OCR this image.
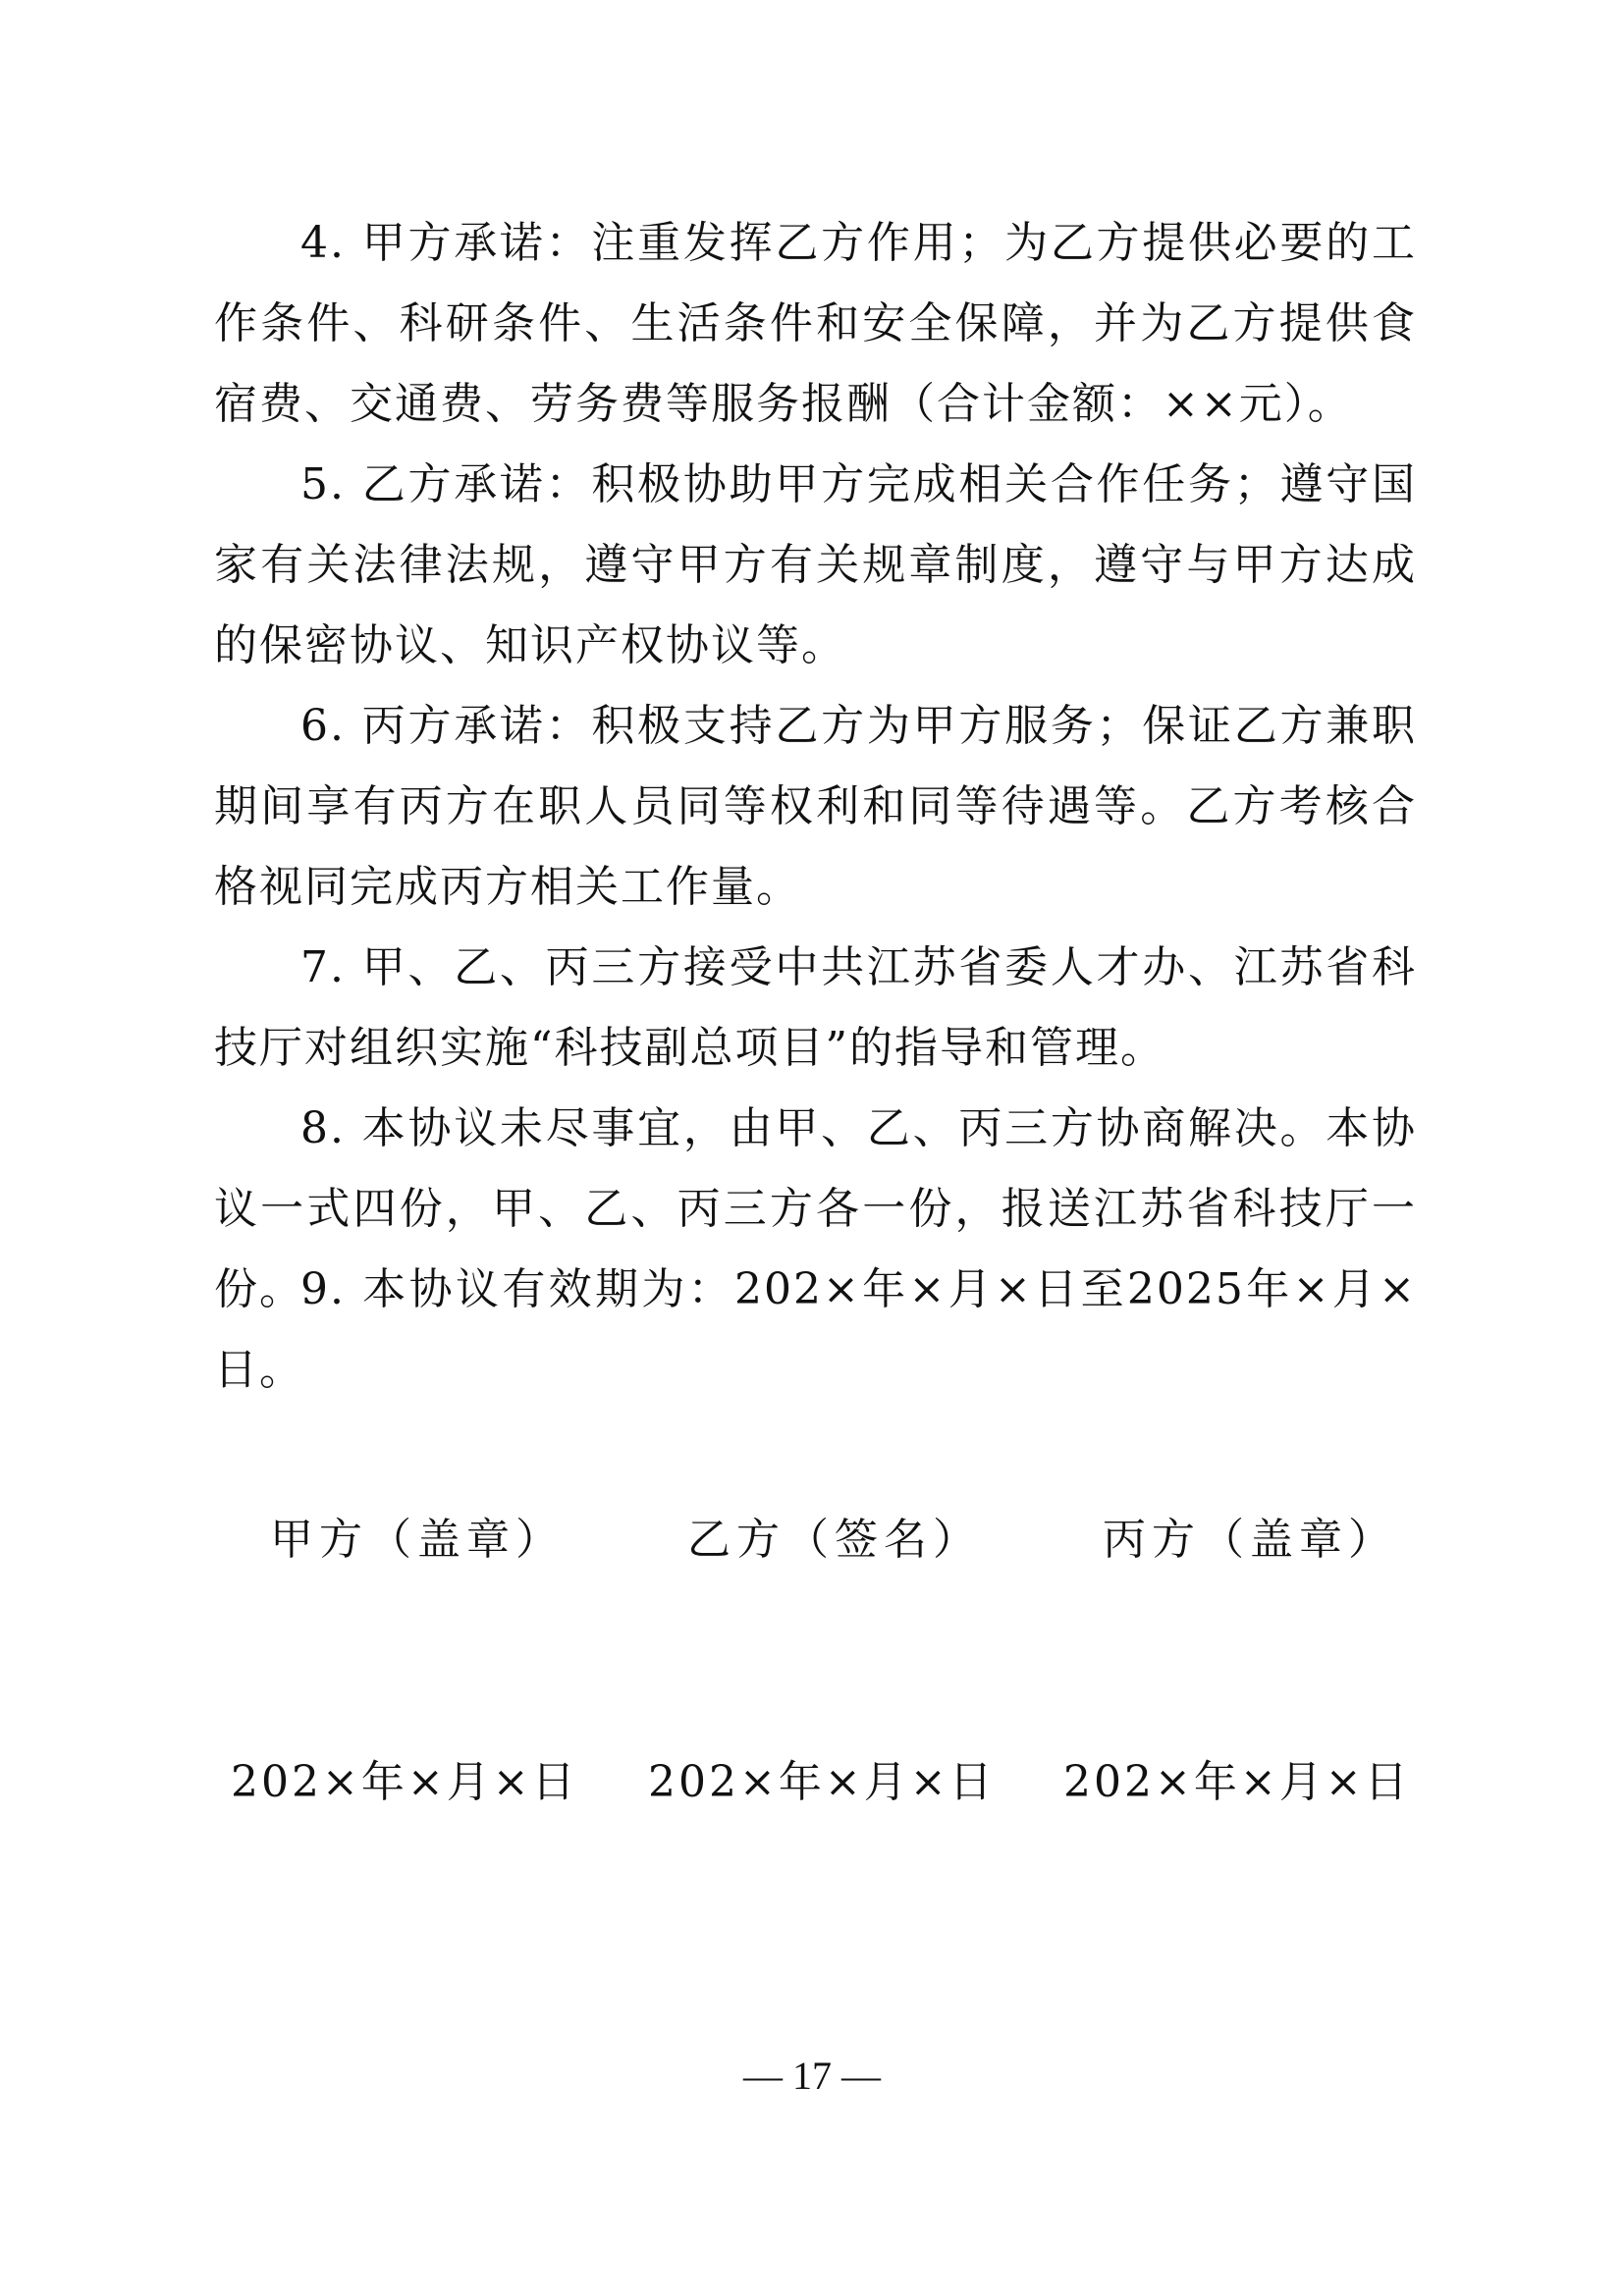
4. 甲方承诺：注重发挥乙方作用；为乙方提供必要的工作条件、科研条件、生活条件和安全保障，并为乙方提供食宿费、交通费、劳务费等服务报酬（合计金额：××元）。

5. 乙方承诺：积极协助甲方完成相关合作任务；遵守国家有关法律法规，遵守甲方有关规章制度，遵守与甲方达成的保密协议、知识产权协议等。

6. 丙方承诺：积极支持乙方为甲方服务；保证乙方兼职期间享有丙方在职人员同等权利和同等待遇等。乙方考核合格视同完成丙方相关工作量。

7. 甲、乙、丙三方接受中共江苏省委人才办、江苏省科技厅对组织实施“科技副总项目”的指导和管理。

8. 本协议未尽事宜，由甲、乙、丙三方协商解决。本协议一式四份，甲、乙、丙三方各一份，报送江苏省科技厅一份。

9. 本协议有效期为：202×年×月×日至2025年×月×日。

甲方（盖章）	乙方（签名）	丙方（盖章）
202×年×月×日 202×年×月×日 202×年×月×日
— 17 —
